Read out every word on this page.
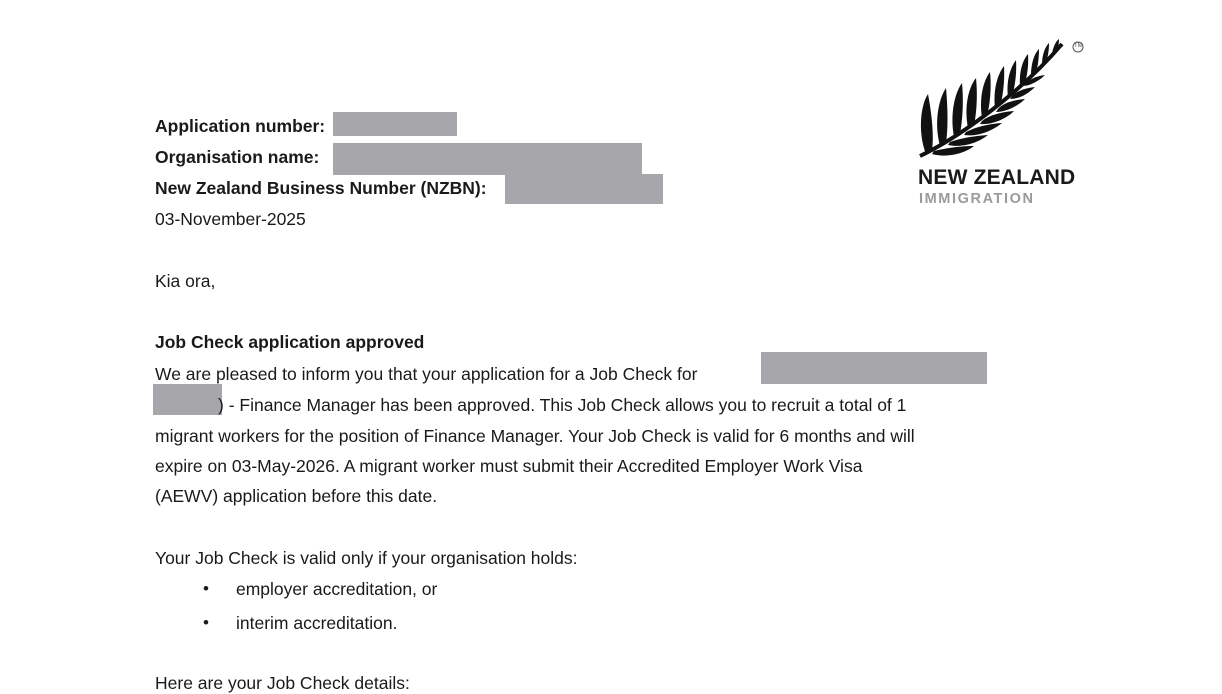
Application number:
Organisation name:
New Zealand Business Number (NZBN):
03-November-2025
TM
NEW ZEALAND
IMMIGRATION
Kia ora,
Job Check application approved
We are pleased to inform you that your application for a Job Check for
) - Finance Manager has been approved. This Job Check allows you to recruit a total of 1
migrant workers for the position of Finance Manager. Your Job Check is valid for 6 months and will
expire on 03-May-2026. A migrant worker must submit their Accredited Employer Work Visa
(AEWV) application before this date.
Your Job Check is valid only if your organisation holds:
• employer accreditation, or
• interim accreditation.
Here are your Job Check details:
